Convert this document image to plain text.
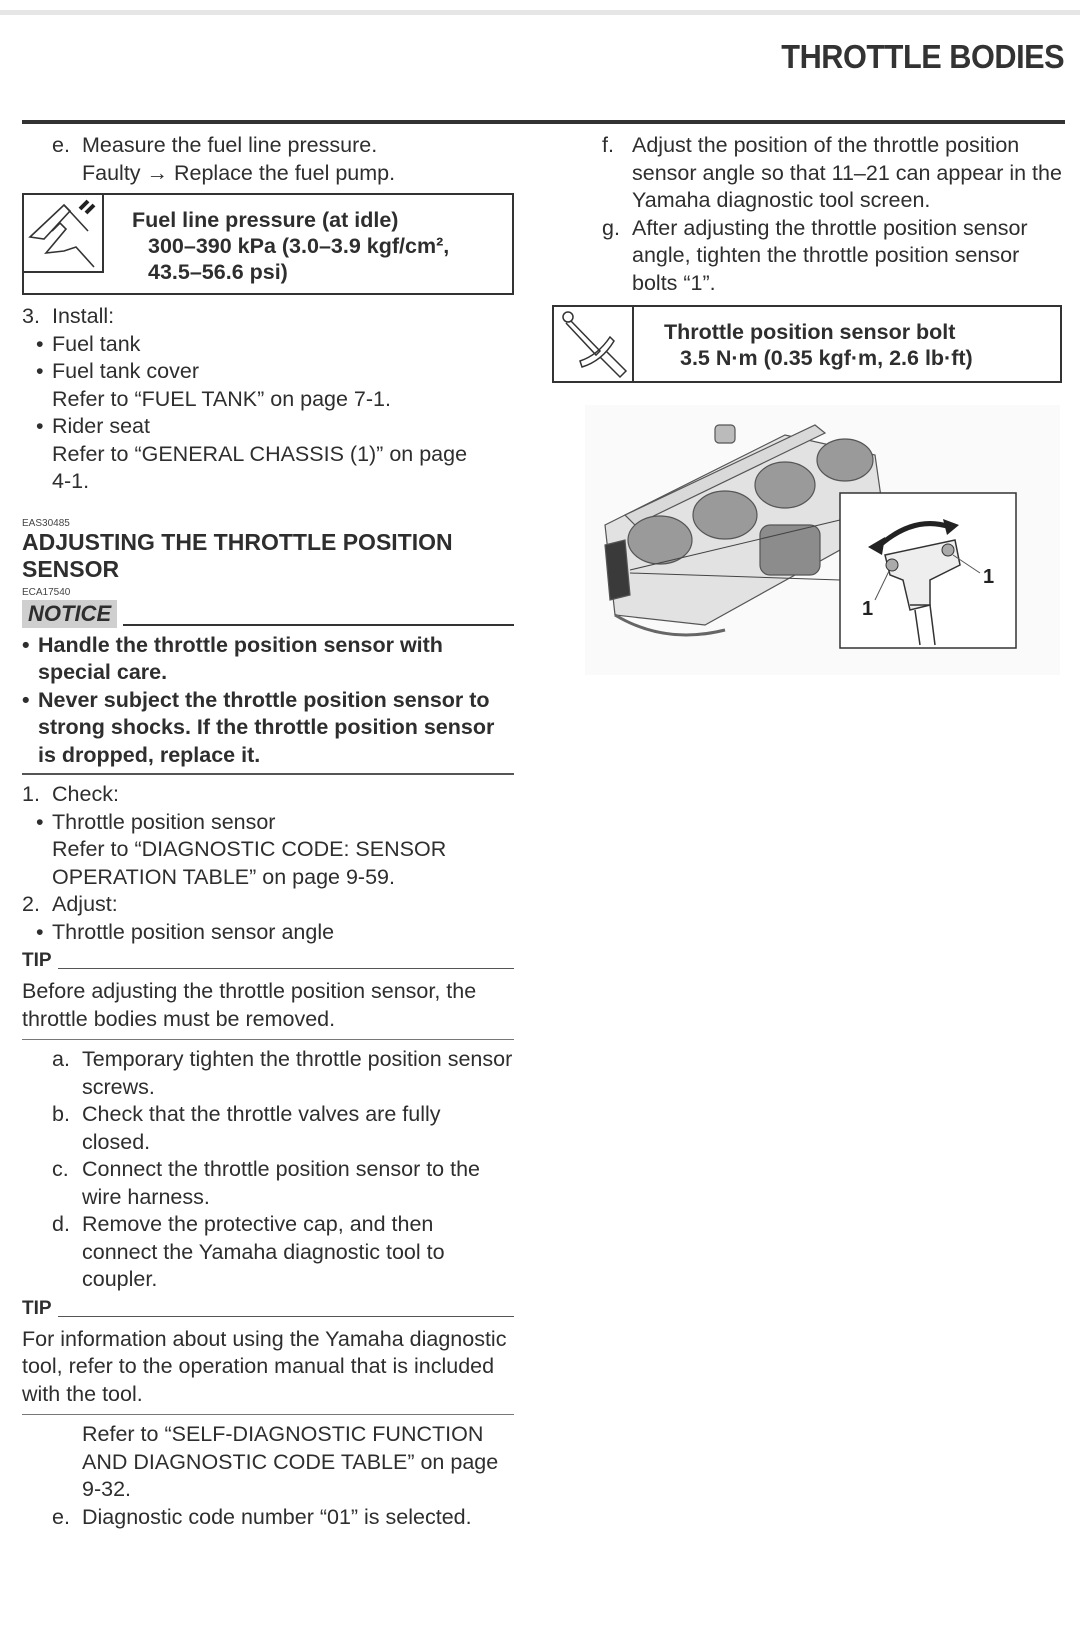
THROTTLE BODIES
e. Measure the fuel line pressure.
Faulty → Replace the fuel pump.
Fuel line pressure (at idle)
300–390 kPa (3.0–3.9 kgf/cm²,
43.5–56.6 psi)
3. Install:
• Fuel tank
• Fuel tank cover
Refer to “FUEL TANK” on page 7-1.
• Rider seat
Refer to “GENERAL CHASSIS (1)” on page 4-1.
EAS30485
ADJUSTING THE THROTTLE POSITION SENSOR
ECA17540
NOTICE
• Handle the throttle position sensor with special care.
• Never subject the throttle position sensor to strong shocks. If the throttle position sensor is dropped, replace it.
1. Check:
• Throttle position sensor
Refer to “DIAGNOSTIC CODE: SENSOR OPERATION TABLE” on page 9-59.
2. Adjust:
• Throttle position sensor angle
TIP
Before adjusting the throttle position sensor, the throttle bodies must be removed.
a. Temporary tighten the throttle position sensor screws.
b. Check that the throttle valves are fully closed.
c. Connect the throttle position sensor to the wire harness.
d. Remove the protective cap, and then connect the Yamaha diagnostic tool to coupler.
TIP
For information about using the Yamaha diagnostic tool, refer to the operation manual that is included with the tool.
Refer to “SELF-DIAGNOSTIC FUNCTION AND DIAGNOSTIC CODE TABLE” on page 9-32.
e. Diagnostic code number “01” is selected.
f. Adjust the position of the throttle position sensor angle so that 11–21 can appear in the Yamaha diagnostic tool screen.
g. After adjusting the throttle position sensor angle, tighten the throttle position sensor bolts “1”.
Throttle position sensor bolt
3.5 N·m (0.35 kgf·m, 2.6 lb·ft)
1
1
